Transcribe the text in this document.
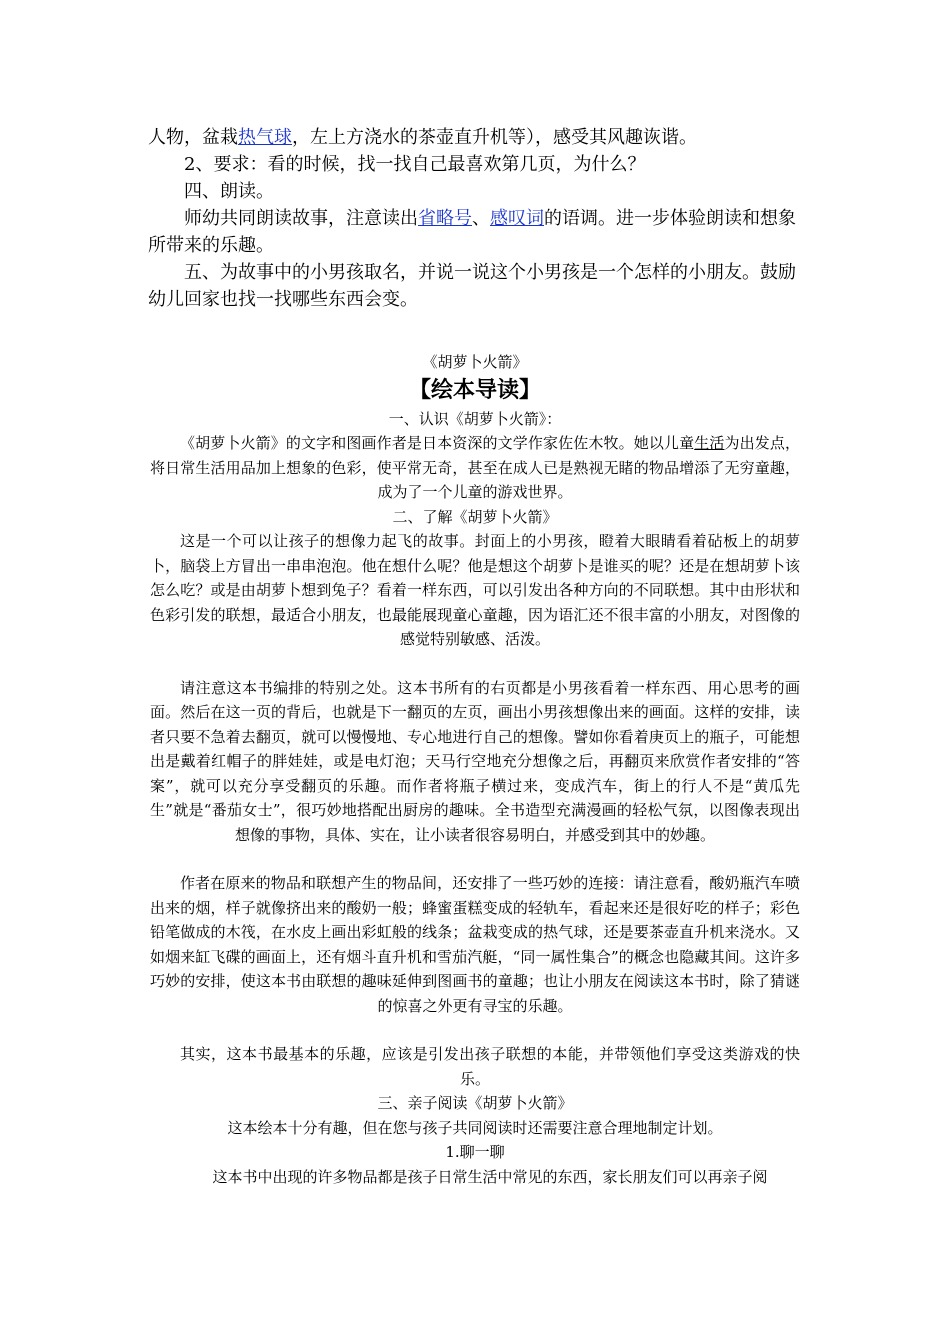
人物，盆栽热气球，左上方浇水的茶壶直升机等），感受其风趣诙谐。

2、要求：看的时候，找一找自己最喜欢第几页，为什么？

四、朗读。

师幼共同朗读故事，注意读出省略号、感叹词的语调。进一步体验朗读和想象所带来的乐趣。

五、为故事中的小男孩取名，并说一说这个小男孩是一个怎样的小朋友。鼓励幼儿回家也找一找哪些东西会变。

《胡萝卜火箭》

【绘本导读】

一、认识《胡萝卜火箭》：

《胡萝卜火箭》的文字和图画作者是日本资深的文学作家佐佐木牧。她以儿童生活为出发点，将日常生活用品加上想象的色彩，使平常无奇，甚至在成人已是熟视无睹的物品增添了无穷童趣，成为了一个儿童的游戏世界。

二、了解《胡萝卜火箭》

这是一个可以让孩子的想像力起飞的故事。封面上的小男孩，瞪着大眼睛看着砧板上的胡萝卜，脑袋上方冒出一串串泡泡。他在想什么呢？他是想这个胡萝卜是谁买的呢？还是在想胡萝卜该怎么吃？或是由胡萝卜想到兔子？看着一样东西，可以引发出各种方向的不同联想。其中由形状和色彩引发的联想，最适合小朋友，也最能展现童心童趣，因为语汇还不很丰富的小朋友，对图像的感觉特别敏感、活泼。

请注意这本书编排的特别之处。这本书所有的右页都是小男孩看着一样东西、用心思考的画面。然后在这一页的背后，也就是下一翻页的左页，画出小男孩想像出来的画面。这样的安排，读者只要不急着去翻页，就可以慢慢地、专心地进行自己的想像。譬如你看着庚页上的瓶子，可能想出是戴着红帽子的胖娃娃，或是电灯泡；天马行空地充分想像之后，再翻页来欣赏作者安排的“答案”，就可以充分享受翻页的乐趣。而作者将瓶子横过来，变成汽车，街上的行人不是“黄瓜先生”就是“番茄女士”，很巧妙地搭配出厨房的趣味。全书造型充满漫画的轻松气氛，以图像表现出想像的事物，具体、实在，让小读者很容易明白，并感受到其中的妙趣。

作者在原来的物品和联想产生的物品间，还安排了一些巧妙的连接：请注意看，酸奶瓶汽车喷出来的烟，样子就像挤出来的酸奶一般；蜂蜜蛋糕变成的轻轨车，看起来还是很好吃的样子；彩色铅笔做成的木筏，在水皮上画出彩虹般的线条；盆栽变成的热气球，还是要茶壶直升机来浇水。又如烟来缸飞碟的画面上，还有烟斗直升机和雪茄汽艇，“同一属性集合”的概念也隐藏其间。这许多巧妙的安排，使这本书由联想的趣味延伸到图画书的童趣；也让小朋友在阅读这本书时，除了猜谜的惊喜之外更有寻宝的乐趣。

其实，这本书最基本的乐趣，应该是引发出孩子联想的本能，并带领他们享受这类游戏的快乐。

三、亲子阅读《胡萝卜火箭》

这本绘本十分有趣，但在您与孩子共同阅读时还需要注意合理地制定计划。

1.聊一聊

这本书中出现的许多物品都是孩子日常生活中常见的东西，家长朋友们可以再亲子阅
